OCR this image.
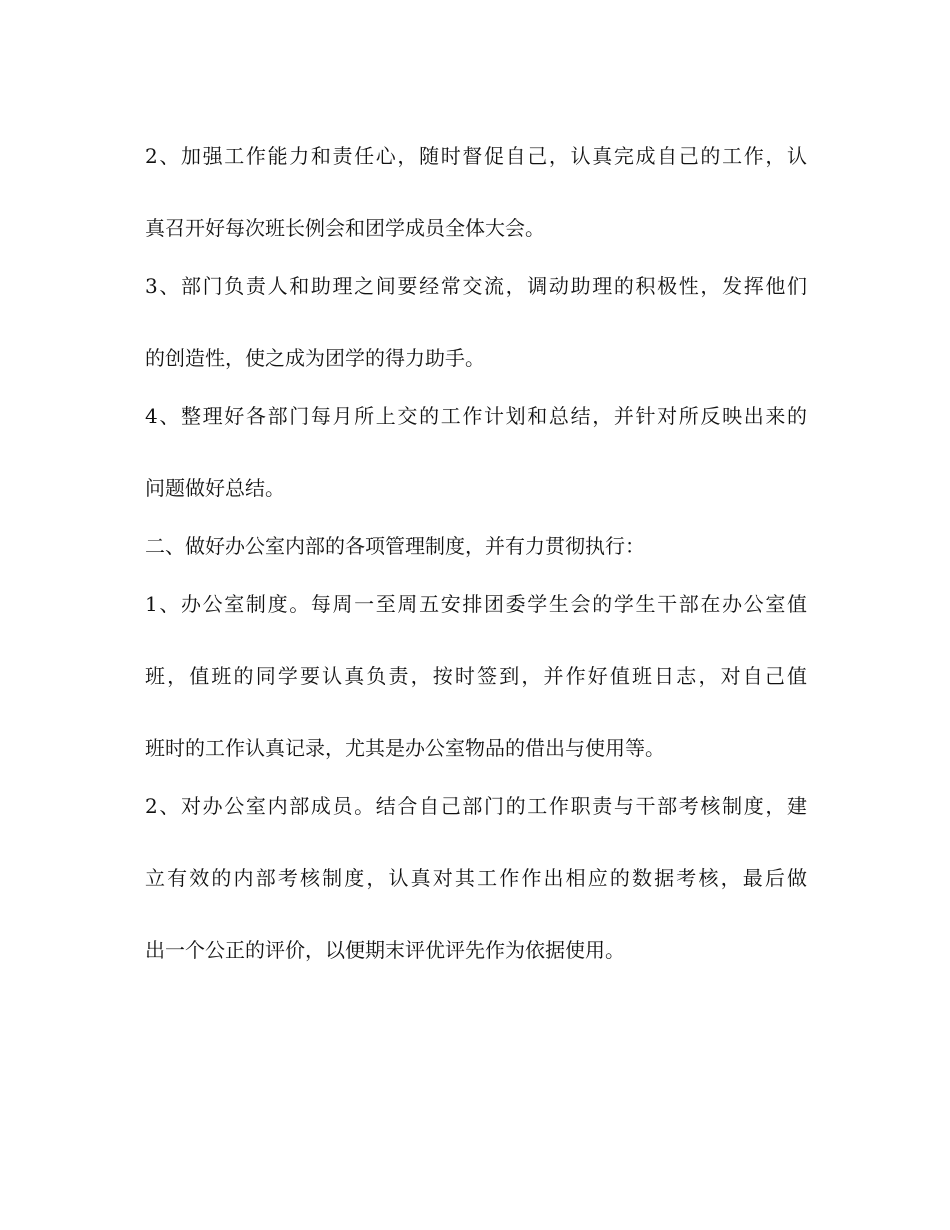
2、加强工作能力和责任心，随时督促自己，认真完成自己的工作，认
真召开好每次班长例会和团学成员全体大会。
3、部门负责人和助理之间要经常交流，调动助理的积极性，发挥他们
的创造性，使之成为团学的得力助手。
4、整理好各部门每月所上交的工作计划和总结，并针对所反映出来的
问题做好总结。
二、做好办公室内部的各项管理制度，并有力贯彻执行：
1、办公室制度。每周一至周五安排团委学生会的学生干部在办公室值
班，值班的同学要认真负责，按时签到，并作好值班日志，对自己值
班时的工作认真记录，尤其是办公室物品的借出与使用等。
2、对办公室内部成员。结合自己部门的工作职责与干部考核制度，建
立有效的内部考核制度，认真对其工作作出相应的数据考核，最后做
出一个公正的评价，以便期末评优评先作为依据使用。
